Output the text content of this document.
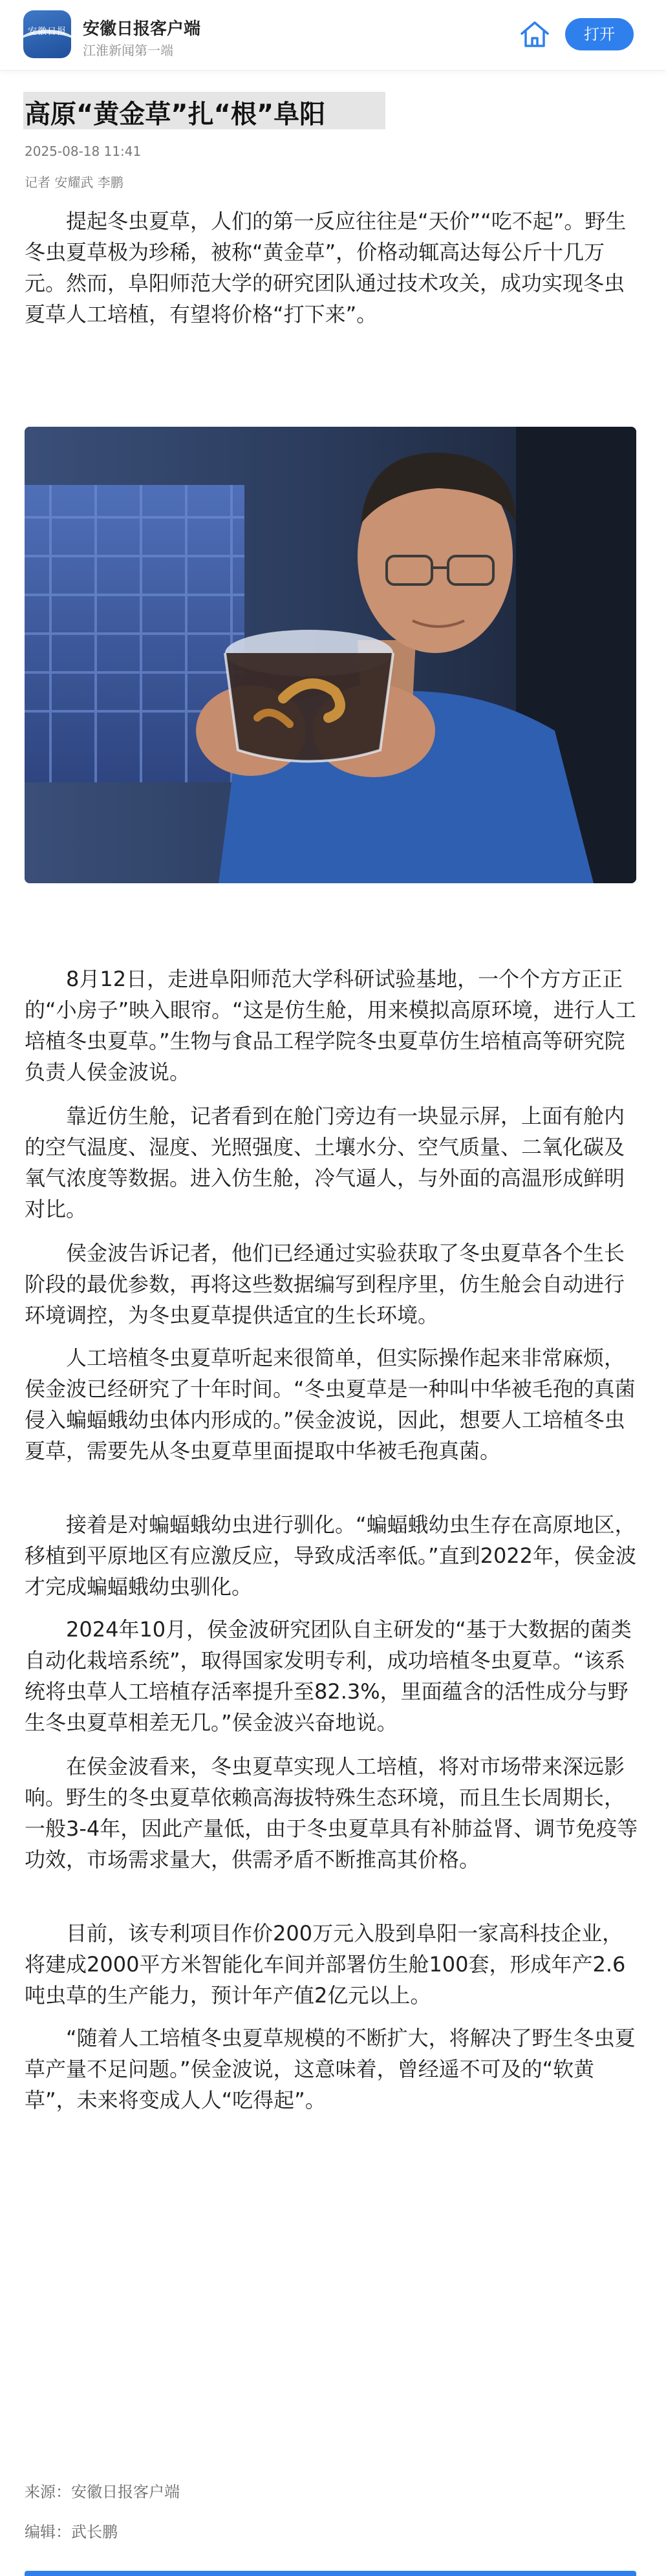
安徽日报 安徽日报客户端
江淮新闻第一端
打开
高原“黄金草”扎“根”阜阳
2025-08-18 11:41
记者 安耀武 李鹏

提起冬虫夏草，人们的第一反应往往是“天价”“吃不起”。野生冬虫夏草极为珍稀，被称“黄金草”，价格动辄高达每公斤十几万元。然而，阜阳师范大学的研究团队通过技术攻关，成功实现冬虫夏草人工培植，有望将价格“打下来”。

8月12日，走进阜阳师范大学科研试验基地，一个个方方正正的“小房子”映入眼帘。“这是仿生舱，用来模拟高原环境，进行人工培植冬虫夏草。”生物与食品工程学院冬虫夏草仿生培植高等研究院负责人侯金波说。

靠近仿生舱，记者看到在舱门旁边有一块显示屏，上面有舱内的空气温度、湿度、光照强度、土壤水分、空气质量、二氧化碳及氧气浓度等数据。进入仿生舱，冷气逼人，与外面的高温形成鲜明对比。

侯金波告诉记者，他们已经通过实验获取了冬虫夏草各个生长阶段的最优参数，再将这些数据编写到程序里，仿生舱会自动进行环境调控，为冬虫夏草提供适宜的生长环境。

人工培植冬虫夏草听起来很简单，但实际操作起来非常麻烦，侯金波已经研究了十年时间。“冬虫夏草是一种叫中华被毛孢的真菌侵入蝙蝠蛾幼虫体内形成的。”侯金波说，因此，想要人工培植冬虫夏草，需要先从冬虫夏草里面提取中华被毛孢真菌。

接着是对蝙蝠蛾幼虫进行驯化。“蝙蝠蛾幼虫生存在高原地区，移植到平原地区有应激反应，导致成活率低。”直到2022年，侯金波才完成蝙蝠蛾幼虫驯化。

2024年10月，侯金波研究团队自主研发的“基于大数据的菌类自动化栽培系统”，取得国家发明专利，成功培植冬虫夏草。“该系统将虫草人工培植存活率提升至82.3%，里面蕴含的活性成分与野生冬虫夏草相差无几。”侯金波兴奋地说。

在侯金波看来，冬虫夏草实现人工培植，将对市场带来深远影响。野生的冬虫夏草依赖高海拔特殊生态环境，而且生长周期长，一般3-4年，因此产量低，由于冬虫夏草具有补肺益肾、调节免疫等功效，市场需求量大，供需矛盾不断推高其价格。

目前，该专利项目作价200万元入股到阜阳一家高科技企业，将建成2000平方米智能化车间并部署仿生舱100套，形成年产2.6吨虫草的生产能力，预计年产值2亿元以上。

“随着人工培植冬虫夏草规模的不断扩大，将解决了野生冬虫夏草产量不足问题。”侯金波说，这意味着，曾经遥不可及的“软黄草”，未来将变成人人“吃得起”。

来源：安徽日报客户端
编辑：武长鹏
